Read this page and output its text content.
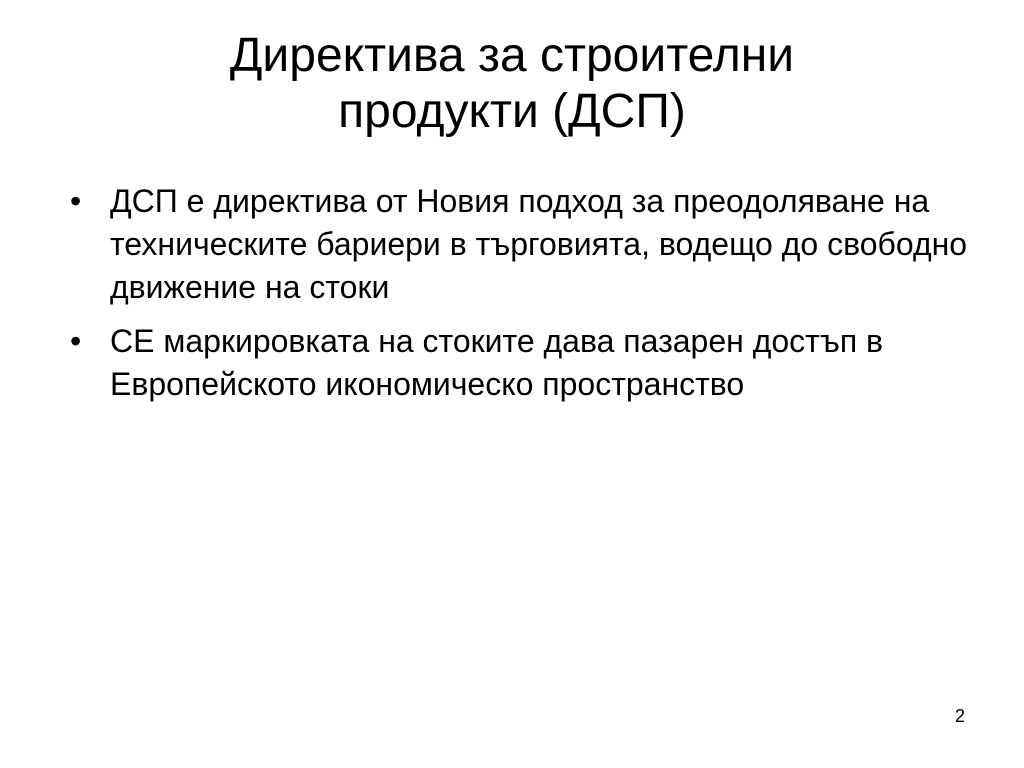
Директива за строителни
продукти (ДСП)
• ДСП е директива от Новия подход за преодоляване на техническите бариери в търговията, водещо до свободно движение на стоки
• СЕ маркировката на стоките дава пазарен достъп в Европейското икономическо пространство
2
